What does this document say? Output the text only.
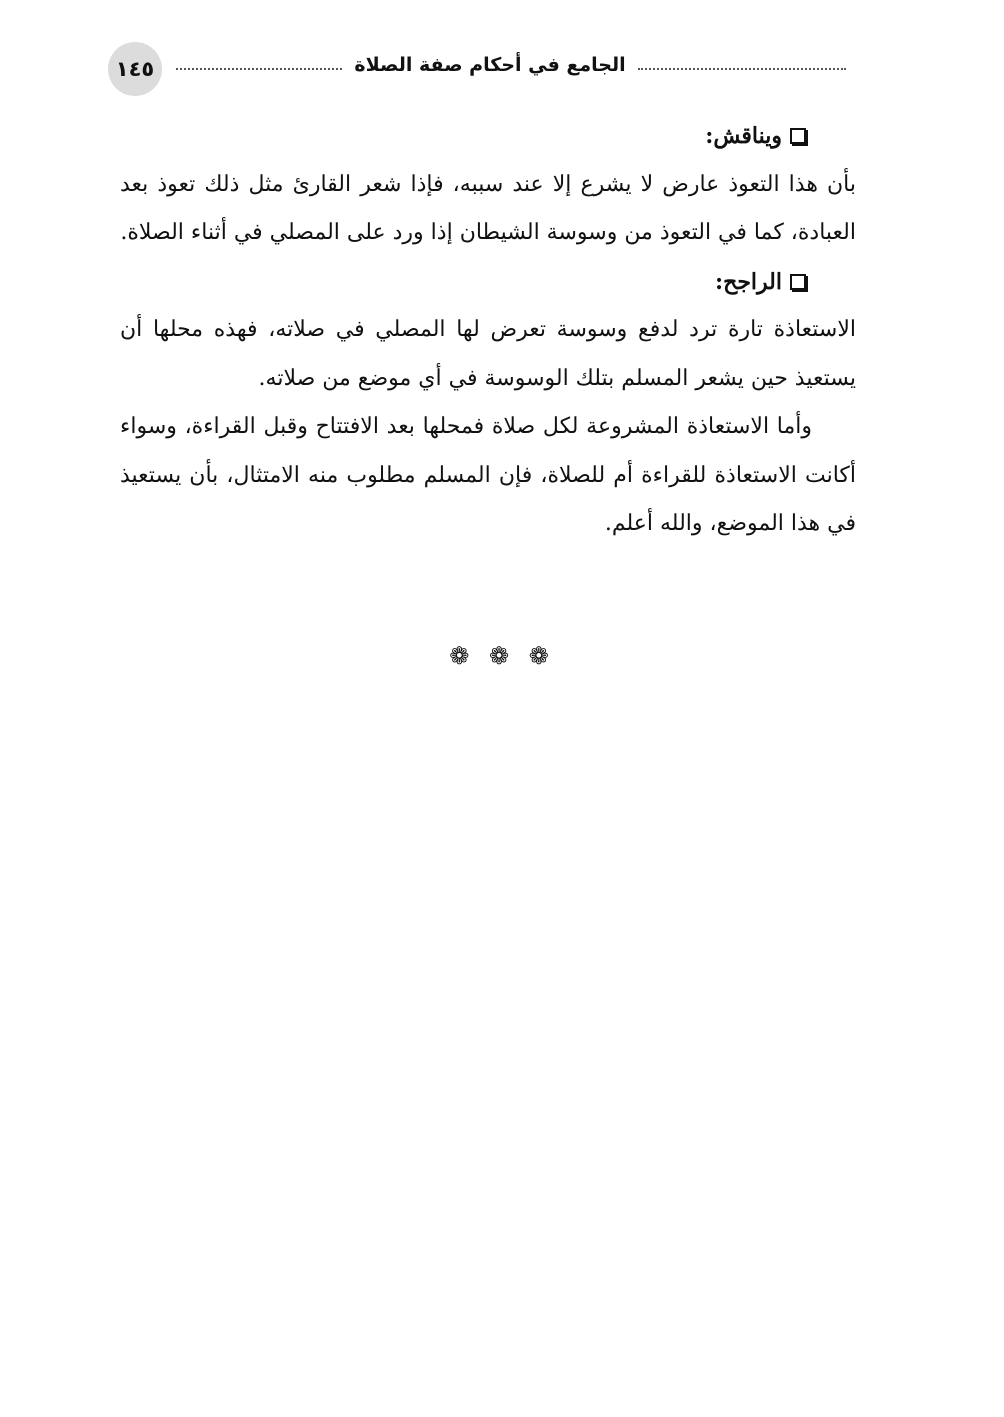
١٤٥	الجامع في أحكام صفة الصلاة
ويناقش:

بأن هذا التعوذ عارض لا يشرع إلا عند سببه، فإذا شعر القارئ مثل ذلك تعوذ بعد العبادة، كما في التعوذ من وسوسة الشيطان إذا ورد على المصلي في أثناء الصلاة.

الراجح:

الاستعاذة تارة ترد لدفع وسوسة تعرض لها المصلي في صلاته، فهذه محلها أن يستعيذ حين يشعر المسلم بتلك الوسوسة في أي موضع من صلاته.

وأما الاستعاذة المشروعة لكل صلاة فمحلها بعد الافتتاح وقبل القراءة، وسواء أكانت الاستعاذة للقراءة أم للصلاة، فإن المسلم مطلوب منه الامتثال، بأن يستعيذ في هذا الموضع، والله أعلم.

❁ ❁ ❁
